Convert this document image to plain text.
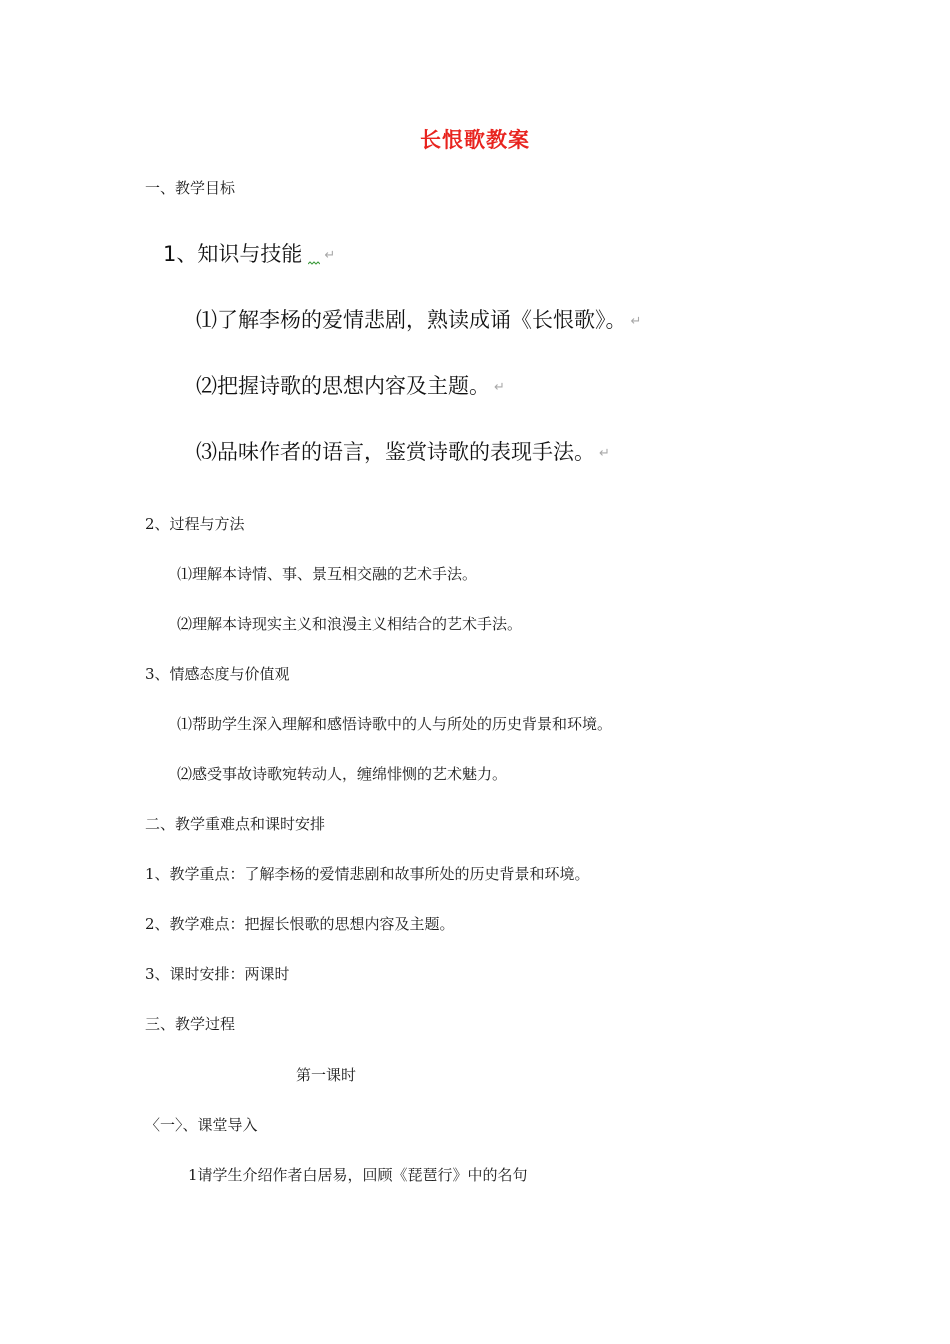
长恨歌教案
一、教学目标
1、知识与技能 ↵
⑴了解李杨的爱情悲剧，熟读成诵《长恨歌》。 ↵
⑵把握诗歌的思想内容及主题。 ↵
⑶品味作者的语言，鉴赏诗歌的表现手法。 ↵
2、过程与方法
⑴理解本诗情、事、景互相交融的艺术手法。
⑵理解本诗现实主义和浪漫主义相结合的艺术手法。
3、情感态度与价值观
⑴帮助学生深入理解和感悟诗歌中的人与所处的历史背景和环境。
⑵感受事故诗歌宛转动人，缠绵悱恻的艺术魅力。
二、教学重难点和课时安排
1、教学重点：了解李杨的爱情悲剧和故事所处的历史背景和环境。
2、教学难点：把握长恨歌的思想内容及主题。
3、课时安排：两课时
三、教学过程
第一课时
〈一〉、课堂导入
1请学生介绍作者白居易，回顾《琵琶行》中的名句
